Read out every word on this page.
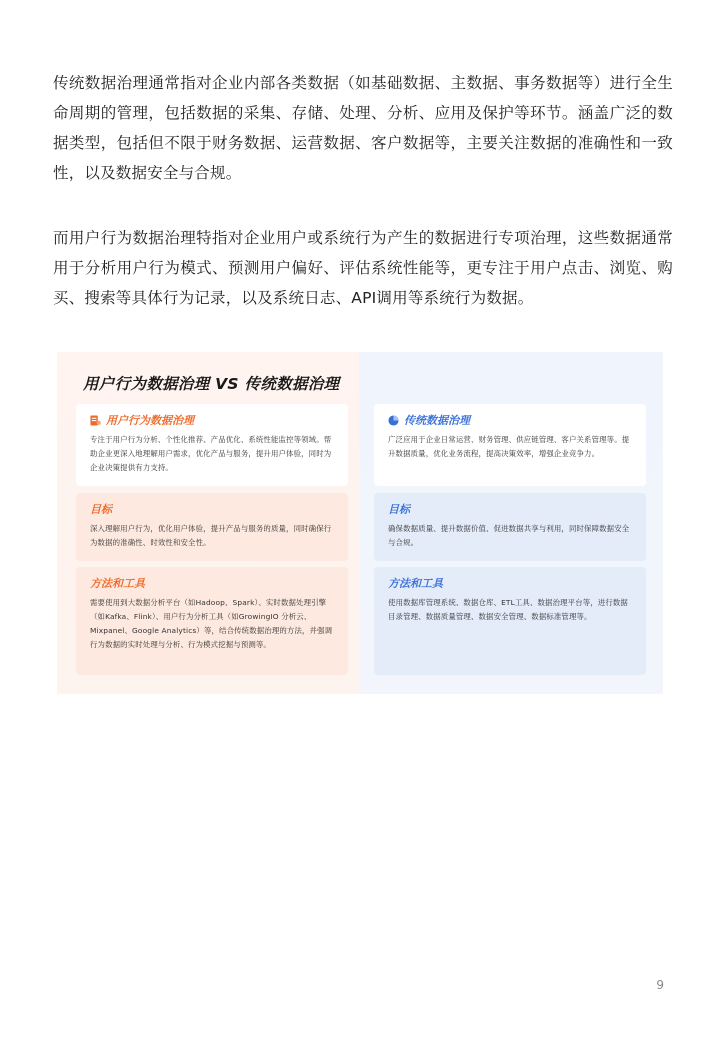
传统数据治理通常指对企业内部各类数据（如基础数据、主数据、事务数据等）进行全生命周期的管理，包括数据的采集、存储、处理、分析、应用及保护等环节。涵盖广泛的数据类型，包括但不限于财务数据、运营数据、客户数据等，主要关注数据的准确性和一致性，以及数据安全与合规。

而用户行为数据治理特指对企业用户或系统行为产生的数据进行专项治理，这些数据通常用于分析用户行为模式、预测用户偏好、评估系统性能等，更专注于用户点击、浏览、购买、搜索等具体行为记录，以及系统日志、API调用等系统行为数据。

用户行为数据治理 VS 传统数据治理
用户行为数据治理

专注于用户行为分析、个性化推荐、产品优化、系统性能监控等领域。帮助企业更深入地理解用户需求，优化产品与服务，提升用户体验，同时为企业决策提供有力支持。

目标

深入理解用户行为，优化用户体验，提升产品与服务的质量，同时确保行为数据的准确性、时效性和安全性。

方法和工具

需要使用到大数据分析平台（如Hadoop、Spark）、实时数据处理引擎（如Kafka、Flink）、用户行为分析工具（如GrowingIO 分析云、Mixpanel、Google Analytics）等，结合传统数据治理的方法，并强调行为数据的实时处理与分析、行为模式挖掘与预测等。

传统数据治理

广泛应用于企业日常运营、财务管理、供应链管理、客户关系管理等。提升数据质量，优化业务流程，提高决策效率，增强企业竞争力。

目标

确保数据质量、提升数据价值、促进数据共享与利用，同时保障数据安全与合规。

方法和工具

使用数据库管理系统、数据仓库、ETL工具、数据治理平台等，进行数据目录管理、数据质量管理、数据安全管理、数据标准管理等。

9
